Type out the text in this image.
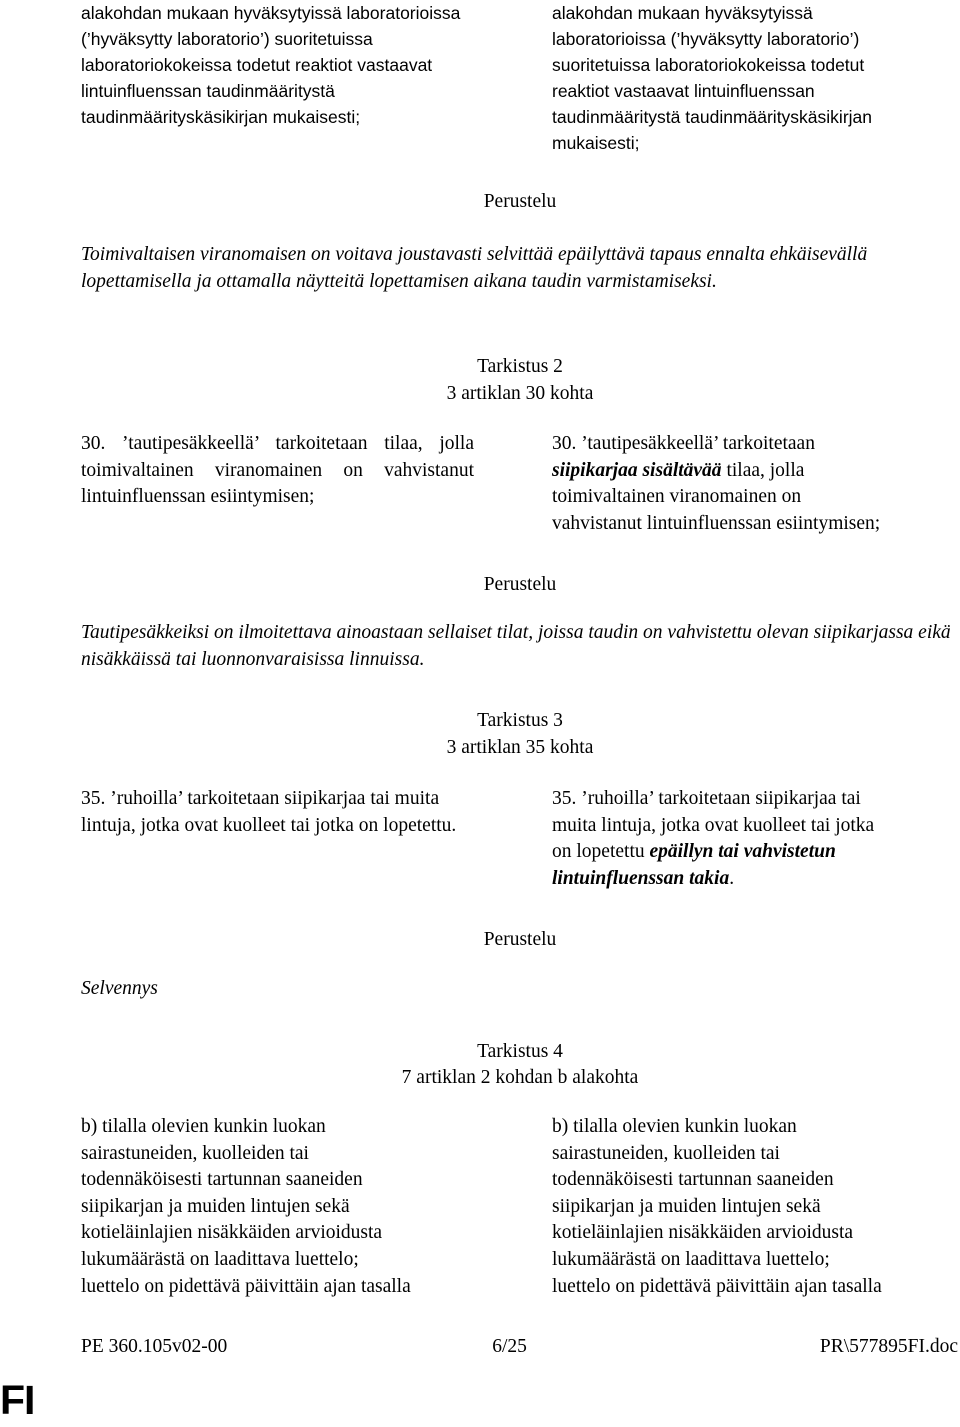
alakohdan mukaan hyväksytyissä laboratorioissa (’hyväksytty laboratorio’) suoritetuissa laboratoriokokeissa todetut reaktiot vastaavat lintuinfluenssan taudinmääritystä taudinmäärityskäsikirjan mukaisesti;
alakohdan mukaan hyväksytyissä
laboratorioissa (’hyväksytty laboratorio’)
suoritetuissa laboratoriokokeissa todetut
reaktiot vastaavat lintuinfluenssan
taudinmääritystä taudinmäärityskäsikirjan
mukaisesti;
Perustelu
Toimivaltaisen viranomaisen on voitava joustavasti selvittää epäilyttävä tapaus ennalta ehkäisevällä lopettamisella ja ottamalla näytteitä lopettamisen aikana taudin varmistamiseksi.
Tarkistus 2
3 artiklan 30 kohta
30. ’tautipesäkkeellä’ tarkoitetaan tilaa, jolla toimivaltainen viranomainen on vahvistanut lintuinfluenssan esiintymisen;
30. ’tautipesäkkeellä’ tarkoitetaan
siipikarjaa sisältävää tilaa, jolla
toimivaltainen viranomainen on
vahvistanut lintuinfluenssan esiintymisen;
Perustelu
Tautipesäkkeiksi on ilmoitettava ainoastaan sellaiset tilat, joissa taudin on vahvistettu olevan siipikarjassa eikä nisäkkäissä tai luonnonvaraisissa linnuissa.
Tarkistus 3
3 artiklan 35 kohta
35. ’ruhoilla’ tarkoitetaan siipikarjaa tai muita lintuja, jotka ovat kuolleet tai jotka on lopetettu.
35. ’ruhoilla’ tarkoitetaan siipikarjaa tai
muita lintuja, jotka ovat kuolleet tai jotka
on lopetettu epäillyn tai vahvistetun
lintuinfluenssan takia.
Perustelu
Selvennys
Tarkistus 4
7 artiklan 2 kohdan b alakohta
b) tilalla olevien kunkin luokan
sairastuneiden, kuolleiden tai
todennäköisesti tartunnan saaneiden
siipikarjan ja muiden lintujen sekä
kotieläinlajien nisäkkäiden arvioidusta
lukumäärästä on laadittava luettelo;
luettelo on pidettävä päivittäin ajan tasalla
b) tilalla olevien kunkin luokan
sairastuneiden, kuolleiden tai
todennäköisesti tartunnan saaneiden
siipikarjan ja muiden lintujen sekä
kotieläinlajien nisäkkäiden arvioidusta
lukumäärästä on laadittava luettelo;
luettelo on pidettävä päivittäin ajan tasalla
PE 360.105v02-00	6/25	PR\577895FI.doc
FI
